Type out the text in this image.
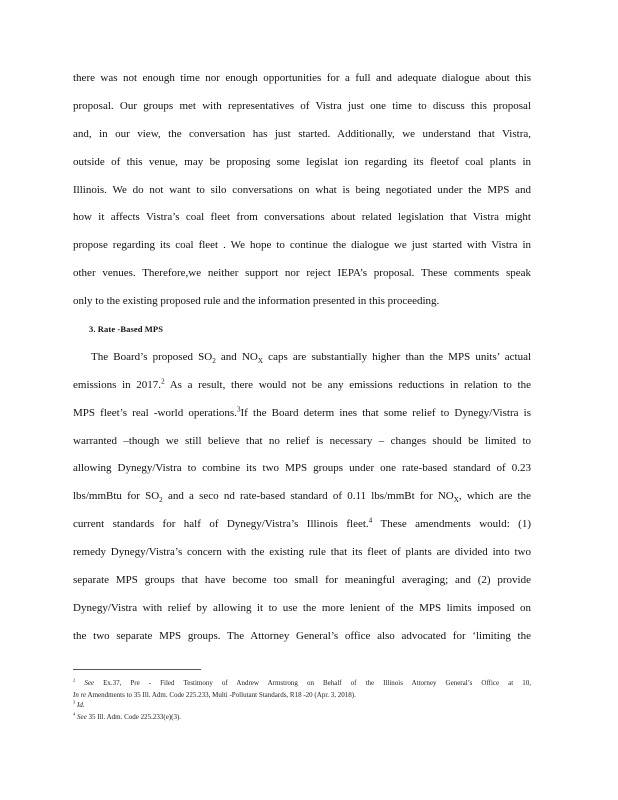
there was not enough time nor enough opportunities for a full and adequate dialogue about this
proposal. Our groups met with representatives of Vistra just one time to discuss this proposal
and, in our view, the conversation has just started. Additionally, we understand that Vistra,
outside of this venue, may be proposing some legislat ion regarding its fleetof coal plants in
Illinois. We do not want to silo conversations on what is being negotiated under the MPS and
how it affects Vistra’s coal fleet from conversations about related legislation that Vistra might
propose regarding its coal fleet . We hope to continue the dialogue we just started with Vistra in
other venues. Therefore,we neither support nor reject IEPA’s proposal. These comments speak
only to the existing proposed rule and the information presented in this proceeding.
3. Rate -Based MPS
The Board’s proposed $SO_2$ and $NO_X$ caps are substantially higher than the MPS units’ actual
emissions in 2017.$^2$ As a result, there would not be any emissions reductions in relation to the
MPS fleet’s real -world operations.$^3$If the Board determ ines that some relief to Dynegy/Vistra is
warranted –though we still believe that no relief is necessary – changes should be limited to
allowing Dynegy/Vistra to combine its two MPS groups under one rate-based standard of 0.23
lbs/mmBtu for $SO_2$ and a seco nd rate-based standard of 0.11 lbs/mmBt for $NO_X$, which are the
current standards for half of Dynegy/Vistra’s Illinois fleet.$^4$ These amendments would: (1)
remedy Dynegy/Vistra’s concern with the existing rule that its fleet of plants are divided into two
separate MPS groups that have become too small for meaningful averaging; and (2) provide
Dynegy/Vistra with relief by allowing it to use the more lenient of the MPS limits imposed on
the two separate MPS groups. The Attorney General’s office also advocated for ‘limiting the
$^2$ See Ex.37, Pre - Filed Testimony of Andrew Armstrong on Behalf of the Illinois Attorney General’s Office at 10,
In re Amendments to 35 Ill. Adm. Code 225.233, Multi -Pollutant Standards, R18 -20 (Apr. 3, 2018).
$^3$ Id.
$^4$ See 35 Ill. Adm. Code 225.233(e)(3).
